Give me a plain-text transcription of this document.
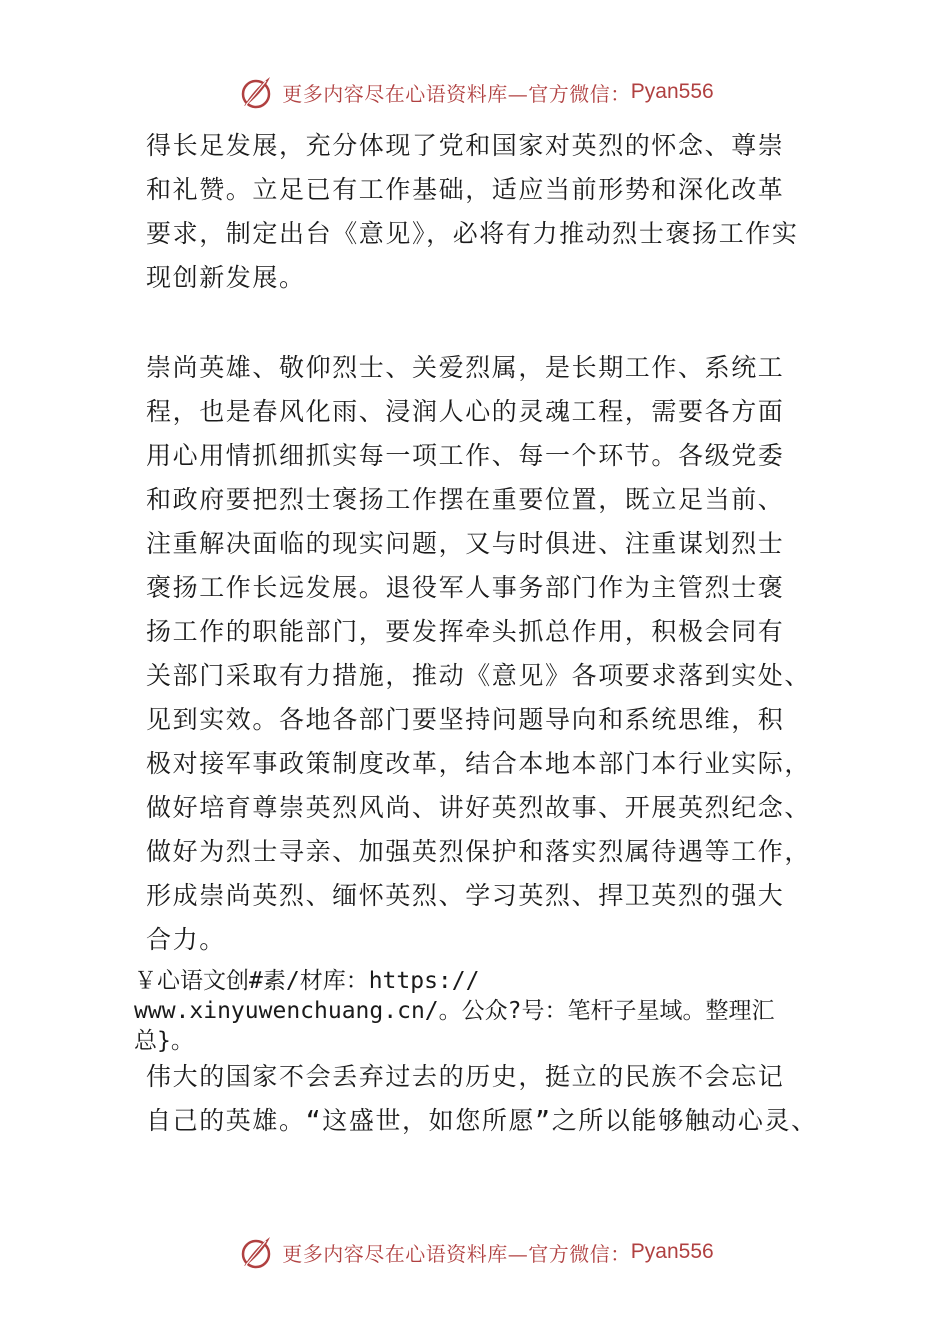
更多内容尽在心语资料库—官方微信： Pyan556
得长足发展，充分体现了党和国家对英烈的怀念、尊崇
和礼赞。立足已有工作基础，适应当前形势和深化改革
要求，制定出台《意见》，必将有力推动烈士褒扬工作实
现创新发展。
崇尚英雄、敬仰烈士、关爱烈属，是长期工作、系统工
程，也是春风化雨、浸润人心的灵魂工程，需要各方面
用心用情抓细抓实每一项工作、每一个环节。各级党委
和政府要把烈士褒扬工作摆在重要位置，既立足当前、
注重解决面临的现实问题，又与时俱进、注重谋划烈士
褒扬工作长远发展。退役军人事务部门作为主管烈士褒
扬工作的职能部门，要发挥牵头抓总作用，积极会同有
关部门采取有力措施，推动《意见》各项要求落到实处、
见到实效。各地各部门要坚持问题导向和系统思维，积
极对接军事政策制度改革，结合本地本部门本行业实际，
做好培育尊崇英烈风尚、讲好英烈故事、开展英烈纪念、
做好为烈士寻亲、加强英烈保护和落实烈属待遇等工作，
形成崇尚英烈、缅怀英烈、学习英烈、捍卫英烈的强大
合力。
￥心语文创#素/材库：https://
www.xinyuwenchuang.cn/。公众?号：笔杆子星域。整理汇
总}。
伟大的国家不会丢弃过去的历史，挺立的民族不会忘记
自己的英雄。“这盛世，如您所愿”之所以能够触动心灵、
更多内容尽在心语资料库—官方微信： Pyan556
